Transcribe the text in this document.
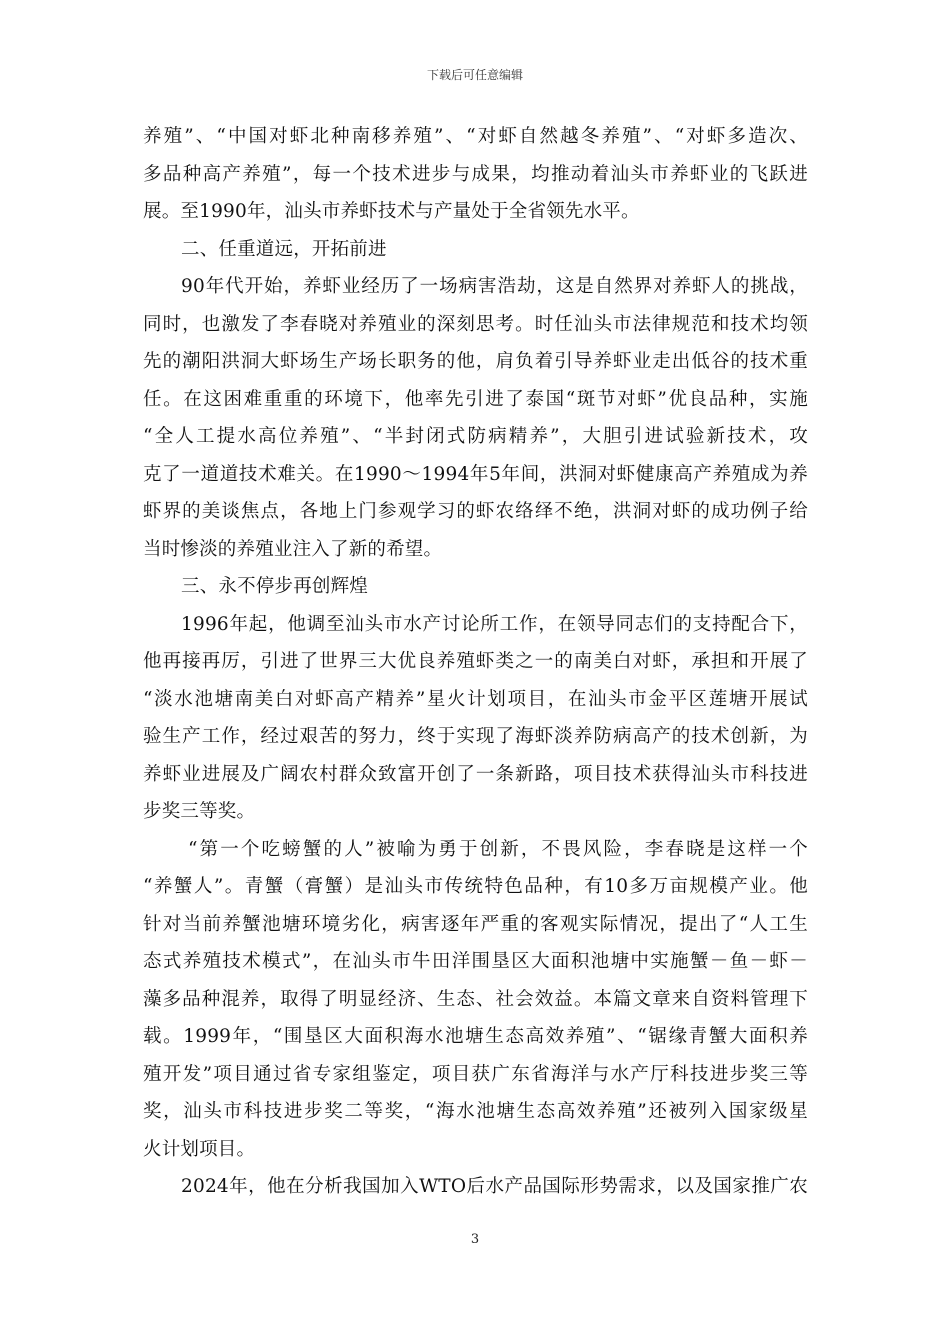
下载后可任意编辑
养殖”、“中国对虾北种南移养殖”、“对虾自然越冬养殖”、“对虾多造次、
多品种高产养殖”，每一个技术进步与成果，均推动着汕头市养虾业的飞跃进
展。至1990年，汕头市养虾技术与产量处于全省领先水平。
二、任重道远，开拓前进
90年代开始，养虾业经历了一场病害浩劫，这是自然界对养虾人的挑战，
同时，也激发了李春晓对养殖业的深刻思考。时任汕头市法律规范和技术均领
先的潮阳洪洞大虾场生产场长职务的他，肩负着引导养虾业走出低谷的技术重
任。在这困难重重的环境下，他率先引进了泰国“斑节对虾”优良品种，实施
“全人工提水高位养殖”、“半封闭式防病精养”，大胆引进试验新技术，攻
克了一道道技术难关。在1990～1994年5年间，洪洞对虾健康高产养殖成为养
虾界的美谈焦点，各地上门参观学习的虾农络绎不绝，洪洞对虾的成功例子给
当时惨淡的养殖业注入了新的希望。
三、永不停步再创辉煌
1996年起，他调至汕头市水产讨论所工作，在领导同志们的支持配合下，
他再接再厉，引进了世界三大优良养殖虾类之一的南美白对虾，承担和开展了
“淡水池塘南美白对虾高产精养”星火计划项目，在汕头市金平区莲塘开展试
验生产工作，经过艰苦的努力，终于实现了海虾淡养防病高产的技术创新，为
养虾业进展及广阔农村群众致富开创了一条新路，项目技术获得汕头市科技进
步奖三等奖。
“第一个吃螃蟹的人”被喻为勇于创新，不畏风险，李春晓是这样一个
“养蟹人”。青蟹（膏蟹）是汕头市传统特色品种，有10多万亩规模产业。他
针对当前养蟹池塘环境劣化，病害逐年严重的客观实际情况，提出了“人工生
态式养殖技术模式”，在汕头市牛田洋围垦区大面积池塘中实施蟹－鱼－虾－
藻多品种混养，取得了明显经济、生态、社会效益。本篇文章来自资料管理下
载。1999年，“围垦区大面积海水池塘生态高效养殖”、“锯缘青蟹大面积养
殖开发”项目通过省专家组鉴定，项目获广东省海洋与水产厅科技进步奖三等
奖，汕头市科技进步奖二等奖，“海水池塘生态高效养殖”还被列入国家级星
火计划项目。
2024年，他在分析我国加入WTO后水产品国际形势需求，以及国家推广农
3
